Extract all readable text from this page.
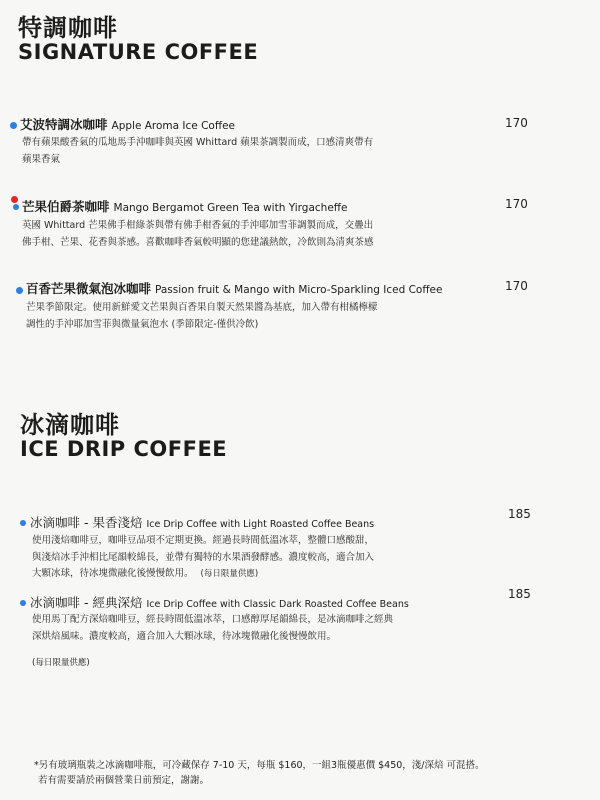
特調咖啡
SIGNATURE COFFEE
艾波特調冰咖啡 Apple Aroma Ice Coffee	170
帶有蘋果酸香氣的瓜地馬手沖咖啡與英國 Whittard 蘋果茶調製而成，口感清爽帶有蘋果香氣
芒果伯爵茶咖啡 Mango Bergamot Green Tea with Yirgacheffe	170
英國 Whittard 芒果佛手柑綠茶與帶有佛手柑香氣的手沖耶加雪菲調製而成，交疊出佛手柑、芒果、花香與茶感。喜歡咖啡香氣較明顯的您建議熱飲，冷飲則為清爽茶感
百香芒果微氣泡冰咖啡 Passion fruit & Mango with Micro-Sparkling Iced Coffee	170
芒果季節限定。使用新鮮愛文芒果與百香果自製天然果醬為基底，加入帶有柑橘檸檬調性的手沖耶加雪菲與微量氣泡水 (季節限定-僅供冷飲)
冰滴咖啡
ICE DRIP COFFEE
冰滴咖啡 - 果香淺焙 Ice Drip Coffee with Light Roasted Coffee Beans
185
使用淺焙咖啡豆，咖啡豆品項不定期更換。經過長時間低溫冰萃，整體口感酸甜，與淺焙冰手沖相比尾韻較綿長，並帶有獨特的水果酒發酵感。濃度較高，適合加入大顆冰球，待冰塊微融化後慢慢飲用。 (每日限量供應)
冰滴咖啡 - 經典深焙 Ice Drip Coffee with Classic Dark Roasted Coffee Beans
185
使用馬丁配方深焙咖啡豆，經長時間低溫冰萃，口感醇厚尾韻綿長，是冰滴咖啡之經典深烘焙風味。濃度較高，適合加入大顆冰球，待冰塊微融化後慢慢飲用。
(每日限量供應)
*另有玻璃瓶裝之冰滴咖啡瓶，可冷藏保存 7-10 天，每瓶 $160，一組3瓶優惠價 $450，淺/深焙 可混搭。
若有需要請於兩個營業日前預定，謝謝。
